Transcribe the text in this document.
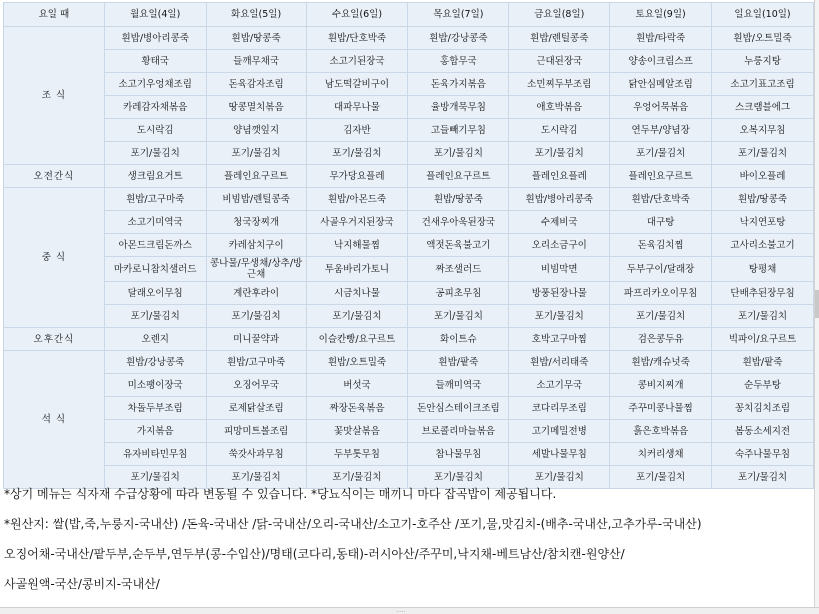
요일 때	월요일(4일)	화요일(5일)	수요일(6일)	목요일(7일)	금요일(8일)	토요일(9일)	일요일(10일)
조 식	흰밥/병아리콩죽	흰밥/땅콩죽	흰밥/단호박죽	흰밥/강낭콩죽	흰밥/렌틸콩죽	흰밥/타락죽	흰밥/오트밀죽
	황태국	들깨무채국	소고기된장국	홍합무국	근대된장국	양송이크림스프	누룽지탕
	소고기우엉채조림	돈육감자조림	남도떡갈비구이	돈육가지볶음	소민찌두부조림	닭안심메알조림	소고기표고조림
	카레감자채볶음	땅콩멸치볶음	대파무나물	율방개묵무침	애호박볶음	우엉어묵볶음	스크램블에그
	도시락김	양념깻잎지	김자반	고들빼기무침	도시락김	연두부/양념장	오복지무침
	포기/물김치	포기/물김치	포기/물김치	포기/물김치	포기/물김치	포기/물김치	포기/물김치
오전간식	생크림요거트	플레인요구르트	무가당요플레	플레인요구르트	플레인요플레	플레인요구르트	바이오플레
중 식	흰밥/고구마죽	비빔밥/렌틸콩죽	흰밥/아몬드죽	흰밥/땅콩죽	흰밥/병아리콩죽	흰밥/단호박죽	흰밥/땅콩죽
	소고기미역국	청국장찌개	사골우거지된장국	건새우아욱된장국	수제비국	대구탕	낙지연포탕
	아몬드크림돈까스	카레삼치구이	낙지해물찜	액젓돈육불고기	오리소금구이	돈육김치찜	고사리소불고기
	마카로니참치샐러드	콩나물/무생채/상추/방근채	투움바리가토니	짜조샐러드	비빔막면	두부구이/달래장	탕평채
	달래오이무침	계란후라이	시금치나물	공피초무침	방풍된장나물	파프리카오이무침	단배추된장무침
	포기/물김치	포기/물김치	포기/물김치	포기/물김치	포기/물김치	포기/물김치	포기/물김치
오후간식	오렌지	미니꿀약과	이슬칸빵/요구르트	화이트슈	호박고구마찜	검은콩두유	빅파이/요구르트
석 식	흰밥/강낭콩죽	흰밥/고구마죽	흰밥/오트밀죽	흰밥/팥죽	흰밥/서리태죽	흰밥/캐슈넛죽	흰밥/팥죽
	미소팽이장국	오징어무국	버섯국	들깨미역국	소고기무국	콩비지찌개	순두부탕
	차돌두부조림	로제닭살조림	짜장돈육볶음	돈안심스테이크조림	코다리무조림	주꾸미콩나물찜	꽁치김치조림
	가지볶음	피망미트볼조림	꽃맛살볶음	브로콜리마늘볶음	고기메밀전병	흙은호박볶음	봄동소세지전
	유자비타민무침	쑥갓사과무침	두부톳무침	참나물무침	세발나물무침	치커리생채	숙주나물무침
	포기/물김치	포기/물김치	포기/물김치	포기/물김치	포기/물김치	포기/물김치	포기/물김치
*상기 메뉴는 식자재 수급상황에 따라 변동될 수 있습니다. *당뇨식이는 매끼니 마다 잡곡밥이 제공됩니다.
*원산지: 쌀(밥,죽,누룽지-국내산) /돈육-국내산 /닭-국내산/오리-국내산/소고기-호주산 /포기,물,맛김치-(배추-국내산,고추가루-국내산)
오징어채-국내산/팥두부,순두부,연두부(콩-수입산)/명태(코다리,동태)-러시아산/주꾸미,낙지채-베트남산/참치캔-원양산/
사골원액-국산/콩비지-국내산/
.....
